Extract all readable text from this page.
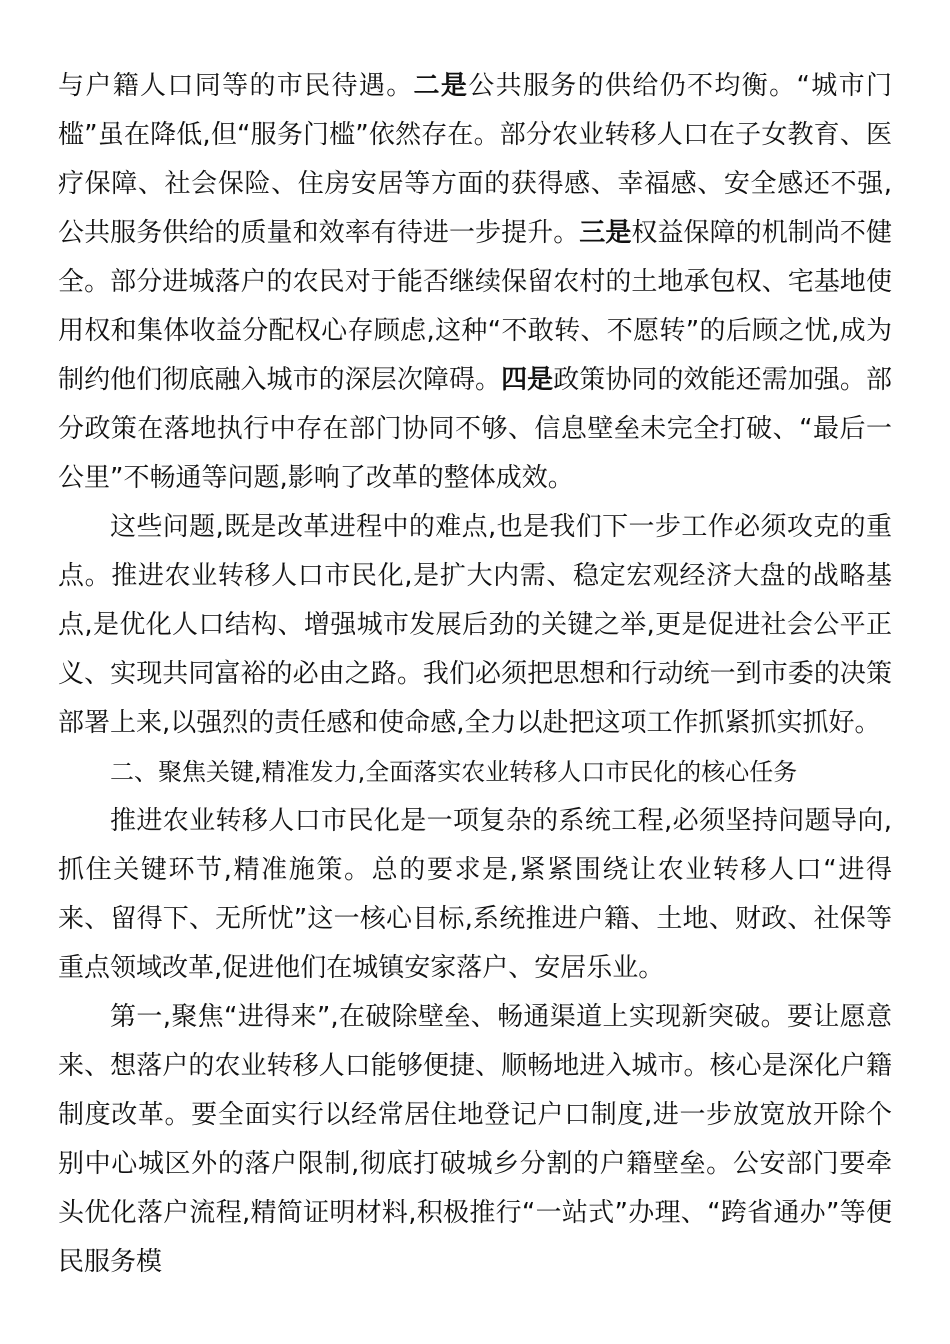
与户籍人口同等的市民待遇。二是公共服务的供给仍不均衡。“城市门槛”虽在降低,但“服务门槛”依然存在。部分农业转移人口在子女教育、医疗保障、社会保险、住房安居等方面的获得感、幸福感、安全感还不强,公共服务供给的质量和效率有待进一步提升。三是权益保障的机制尚不健全。部分进城落户的农民对于能否继续保留农村的土地承包权、宅基地使用权和集体收益分配权心存顾虑,这种“不敢转、不愿转”的后顾之忧,成为制约他们彻底融入城市的深层次障碍。四是政策协同的效能还需加强。部分政策在落地执行中存在部门协同不够、信息壁垒未完全打破、“最后一公里”不畅通等问题,影响了改革的整体成效。

这些问题,既是改革进程中的难点,也是我们下一步工作必须攻克的重点。推进农业转移人口市民化,是扩大内需、稳定宏观经济大盘的战略基点,是优化人口结构、增强城市发展后劲的关键之举,更是促进社会公平正义、实现共同富裕的必由之路。我们必须把思想和行动统一到市委的决策部署上来,以强烈的责任感和使命感,全力以赴把这项工作抓紧抓实抓好。

二、聚焦关键,精准发力,全面落实农业转移人口市民化的核心任务

推进农业转移人口市民化是一项复杂的系统工程,必须坚持问题导向,抓住关键环节,精准施策。总的要求是,紧紧围绕让农业转移人口“进得来、留得下、无所忧”这一核心目标,系统推进户籍、土地、财政、社保等重点领域改革,促进他们在城镇安家落户、安居乐业。

第一,聚焦“进得来”,在破除壁垒、畅通渠道上实现新突破。要让愿意来、想落户的农业转移人口能够便捷、顺畅地进入城市。核心是深化户籍制度改革。要全面实行以经常居住地登记户口制度,进一步放宽放开除个别中心城区外的落户限制,彻底打破城乡分割的户籍壁垒。公安部门要牵头优化落户流程,精简证明材料,积极推行“一站式”办理、“跨省通办”等便民服务模
